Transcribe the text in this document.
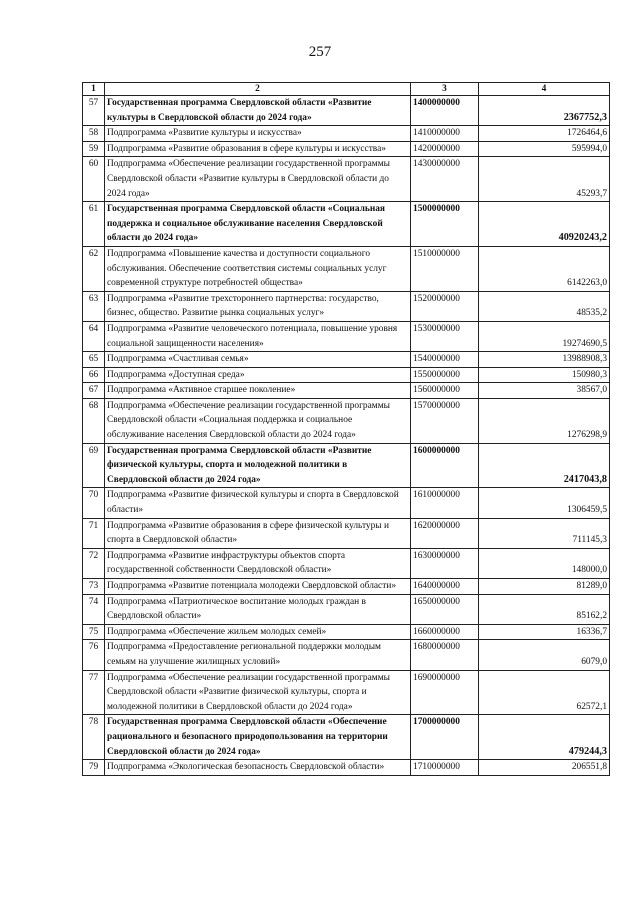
257
1	2	3	4
57	Государственная программа Свердловской области «Развитие культуры в Свердловской области до 2024 года»	1400000000	2367752,3
58	Подпрограмма «Развитие культуры и искусства»	1410000000	1726464,6
59	Подпрограмма «Развитие образования в сфере культуры и искусства»	1420000000	595994,0
60	Подпрограмма «Обеспечение реализации государственной программы Свердловской области «Развитие культуры в Свердловской области до 2024 года»	1430000000	45293,7
61	Государственная программа Свердловской области «Социальная поддержка и социальное обслуживание населения Свердловской области до 2024 года»	1500000000	40920243,2
62	Подпрограмма «Повышение качества и доступности социального обслуживания. Обеспечение соответствия системы социальных услуг современной структуре потребностей общества»	1510000000	6142263,0
63	Подпрограмма «Развитие трехстороннего партнерства: государство, бизнес, общество. Развитие рынка социальных услуг»	1520000000	48535,2
64	Подпрограмма «Развитие человеческого потенциала, повышение уровня социальной защищенности населения»	1530000000	19274690,5
65	Подпрограмма «Счастливая семья»	1540000000	13988908,3
66	Подпрограмма «Доступная среда»	1550000000	150980,3
67	Подпрограмма «Активное старшее поколение»	1560000000	38567,0
68	Подпрограмма «Обеспечение реализации государственной программы Свердловской области «Социальная поддержка и социальное обслуживание населения Свердловской области до 2024 года»	1570000000	1276298,9
69	Государственная программа Свердловской области «Развитие физической культуры, спорта и молодежной политики в Свердловской области до 2024 года»	1600000000	2417043,8
70	Подпрограмма «Развитие физической культуры и спорта в Свердловской области»	1610000000	1306459,5
71	Подпрограмма «Развитие образования в сфере физической культуры и спорта в Свердловской области»	1620000000	711145,3
72	Подпрограмма «Развитие инфраструктуры объектов спорта государственной собственности Свердловской области»	1630000000	148000,0
73	Подпрограмма «Развитие потенциала молодежи Свердловской области»	1640000000	81289,0
74	Подпрограмма «Патриотическое воспитание молодых граждан в Свердловской области»	1650000000	85162,2
75	Подпрограмма «Обеспечение жильем молодых семей»	1660000000	16336,7
76	Подпрограмма «Предоставление региональной поддержки молодым семьям на улучшение жилищных условий»	1680000000	6079,0
77	Подпрограмма «Обеспечение реализации государственной программы Свердловской области «Развитие физической культуры, спорта и молодежной политики в Свердловской области до 2024 года»	1690000000	62572,1
78	Государственная программа Свердловской области «Обеспечение рационального и безопасного природопользования на территории Свердловской области до 2024 года»	1700000000	479244,3
79	Подпрограмма «Экологическая безопасность Свердловской области»	1710000000	206551,8
